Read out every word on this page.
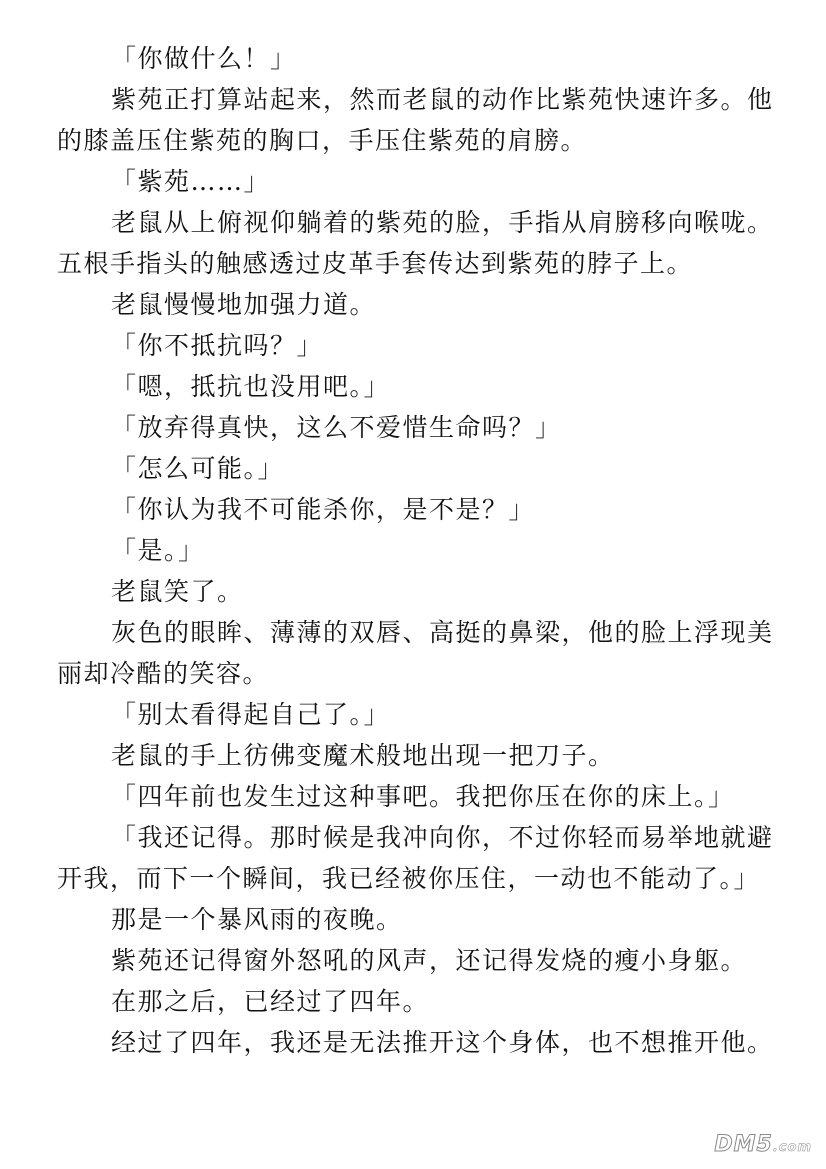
「你做什么！」

紫苑正打算站起来，然而老鼠的动作比紫苑快速许多。他的膝盖压住紫苑的胸口，手压住紫苑的肩膀。

「紫苑……」

老鼠从上俯视仰躺着的紫苑的脸，手指从肩膀移向喉咙。五根手指头的触感透过皮革手套传达到紫苑的脖子上。

老鼠慢慢地加强力道。

「你不抵抗吗？」

「嗯，抵抗也没用吧。」

「放弃得真快，这么不爱惜生命吗？」

「怎么可能。」

「你认为我不可能杀你，是不是？」

「是。」

老鼠笑了。

灰色的眼眸、薄薄的双唇、高挺的鼻梁，他的脸上浮现美丽却冷酷的笑容。

「别太看得起自己了。」

老鼠的手上彷佛变魔术般地出现一把刀子。

「四年前也发生过这种事吧。我把你压在你的床上。」

「我还记得。那时候是我冲向你，不过你轻而易举地就避开我，而下一个瞬间，我已经被你压住，一动也不能动了。」

那是一个暴风雨的夜晚。

紫苑还记得窗外怒吼的风声，还记得发烧的瘦小身躯。

在那之后，已经过了四年。

经过了四年，我还是无法推开这个身体，也不想推开他。

DM5.com
